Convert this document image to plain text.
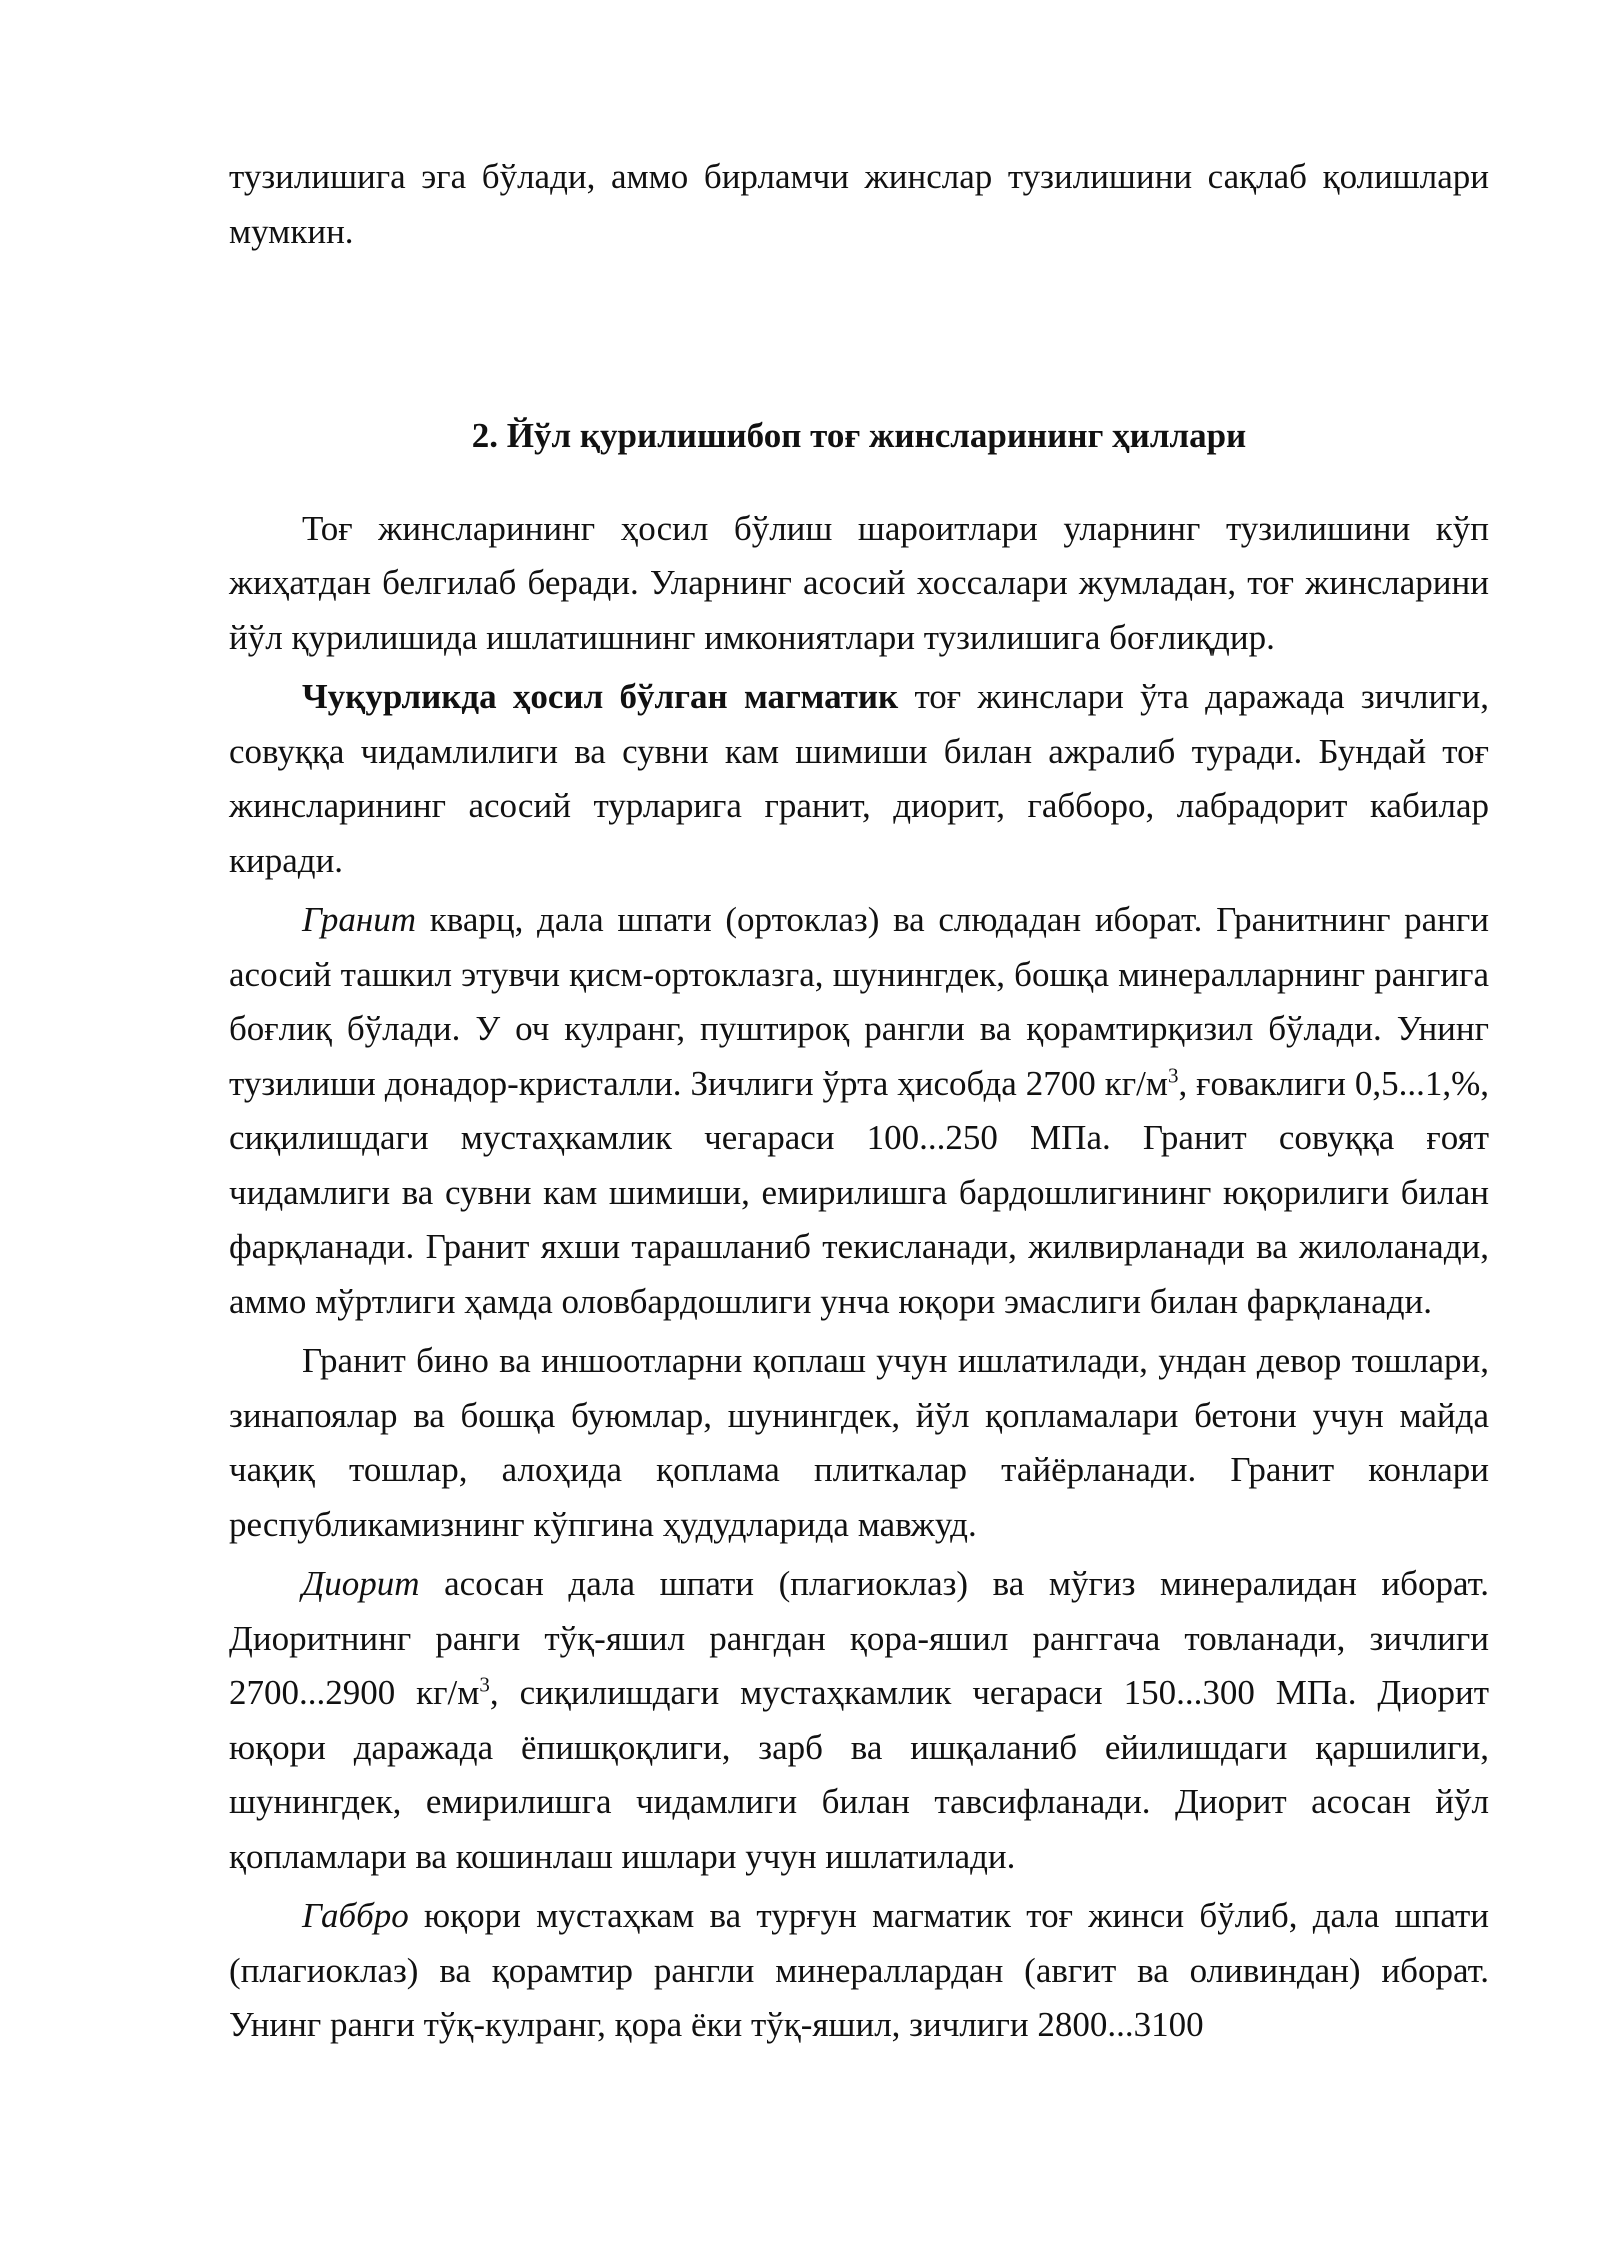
тузилишига эга бўлади, аммо бирламчи жинслар тузилишини сақлаб қолишлари мумкин.

2. Йўл қурилишибоп тоғ жинсларининг ҳиллари

Тоғ жинсларининг ҳосил бўлиш шароитлари уларнинг тузилишини кўп жиҳатдан белгилаб беради. Уларнинг асосий хоссалари жумладан, тоғ жинсларини йўл қурилишида ишлатишнинг имкониятлари тузилишига боғлиқдир.

Чуқурликда ҳосил бўлган магматик тоғ жинслари ўта даражада зичлиги, совуққа чидамлилиги ва сувни кам шимиши билан ажралиб туради. Бундай тоғ жинсларининг асосий турларига гранит, диорит, габборо, лабрадорит кабилар киради.

Гранит кварц, дала шпати (ортоклаз) ва слюдадан иборат. Гранитнинг ранги асосий ташкил этувчи қисм-ортоклазга, шунингдек, бошқа минералларнинг рангига боғлиқ бўлади. У оч кулранг, пуштироқ рангли ва қорамтирқизил бўлади. Унинг тузилиши донадор-кристалли. Зичлиги ўрта ҳисобда 2700 $кг/м^3$, ғоваклиги 0,5...1,%, сиқилишдаги мустаҳкамлик чегараси 100...250 МПа. Гранит совуққа ғоят чидамлиги ва сувни кам шимиши, емирилишга бардошлигининг юқорилиги билан фарқланади. Гранит яхши тарашланиб текисланади, жилвирланади ва жилоланади, аммо мўртлиги ҳамда оловбардошлиги унча юқори эмаслиги билан фарқланади.

Гранит бино ва иншоотларни қоплаш учун ишлатилади, ундан девор тошлари, зинапоялар ва бошқа буюмлар, шунингдек, йўл қопламалари бетони учун майда чақиқ тошлар, алоҳида қоплама плиткалар тайёрланади. Гранит конлари республикамизнинг кўпгина ҳудудларида мавжуд.

Диорит асосан дала шпати (плагиоклаз) ва мўгиз минералидан иборат. Диоритнинг ранги тўқ-яшил рангдан қора-яшил ранггача товланади, зичлиги 2700...2900 $кг/м^3$, сиқилишдаги мустаҳкамлик чегараси 150...300 МПа. Диорит юқори даражада ёпишқоқлиги, зарб ва ишқаланиб ейилишдаги қаршилиги, шунингдек, емирилишга чидамлиги билан тавсифланади. Диорит асосан йўл қопламлари ва кошинлаш ишлари учун ишлатилади.

Габбро юқори мустаҳкам ва турғун магматик тоғ жинси бўлиб, дала шпати (плагиоклаз) ва қорамтир рангли минераллардан (авгит ва оливиндан) иборат. Унинг ранги тўқ-кулранг, қора ёки тўқ-яшил, зичлиги 2800...3100
